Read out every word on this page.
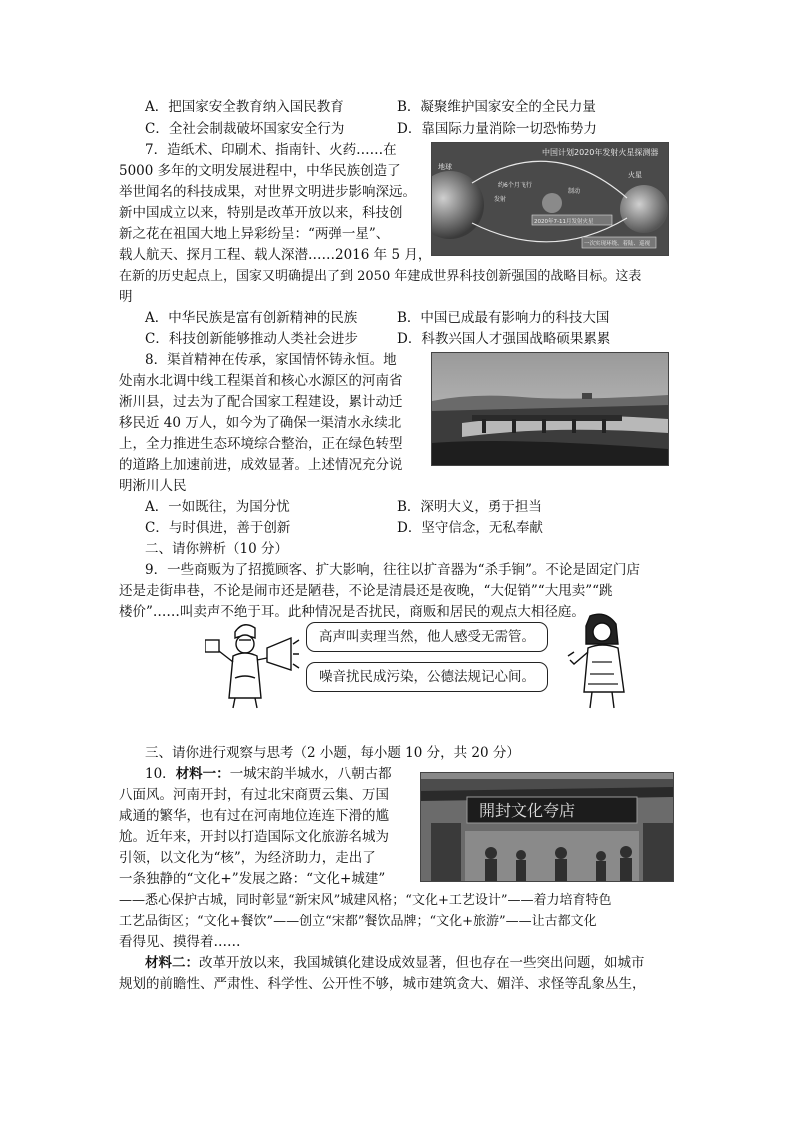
A．把国家安全教育纳入国民教育	B．凝聚维护国家安全的全民力量
C．全社会制裁破坏国家安全行为	D．靠国际力量消除一切恐怖势力
7．造纸术、印刷术、指南针、火药……在
5000 多年的文明发展进程中，中华民族创造了
举世闻名的科技成果，对世界文明进步影响深远。
新中国成立以来，特别是改革开放以来，科技创
新之花在祖国大地上异彩纷呈：“两弹一星”、
载人航天、探月工程、载人深潜……2016 年 5 月，
在新的历史起点上，国家又明确提出了到 2050 年建成世界科技创新强国的战略目标。这表
明
中国计划2020年发射火星探测器
火星
地球
约6个月飞行
发射
制动
2020年7-11月发射火星
一次实现环绕、着陆、巡视
A．中华民族是富有创新精神的民族	B．中国已成最有影响力的科技大国
C．科技创新能够推动人类社会进步	D．科教兴国人才强国战略硕果累累
8．渠首精神在传承，家国情怀铸永恒。地
处南水北调中线工程渠首和核心水源区的河南省
淅川县，过去为了配合国家工程建设，累计动迁
移民近 40 万人，如今为了确保一渠清水永续北
上，全力推进生态环境综合整治，正在绿色转型
的道路上加速前进，成效显著。上述情况充分说
明淅川人民
A．一如既往，为国分忧	B．深明大义，勇于担当
C．与时俱进，善于创新	D．坚守信念，无私奉献
二、请你辨析（10 分）
9．一些商贩为了招揽顾客、扩大影响，往往以扩音器为“杀手锏”。不论是固定门店
还是走街串巷，不论是闹市还是陋巷，不论是清晨还是夜晚，“大促销”“大甩卖”“跳
楼价”……叫卖声不绝于耳。此种情况是否扰民，商贩和居民的观点大相径庭。
高声叫卖理当然，他人感受无需管。
噪音扰民成污染，公德法规记心间。
三、请你进行观察与思考（2 小题，每小题 10 分，共 20 分）
10．材料一：一城宋韵半城水，八朝古都
八面风。河南开封，有过北宋商贾云集、万国
咸通的繁华，也有过在河南地位连连下滑的尴
尬。近年来，开封以打造国际文化旅游名城为
引领，以文化为“核”，为经济助力，走出了
一条独静的“文化+”发展之路：“文化+城建”
——悉心保护古城，同时彰显“新宋风”城建风格；“文化+工艺设计”——着力培育特色
工艺品街区；“文化+餐饮”——创立“宋都”餐饮品牌；“文化+旅游”——让古都文化
看得见、摸得着……
開封文化夸店
材料二：改革开放以来，我国城镇化建设成效显著，但也存在一些突出问题，如城市
规划的前瞻性、严肃性、科学性、公开性不够，城市建筑贪大、媚洋、求怪等乱象丛生，
